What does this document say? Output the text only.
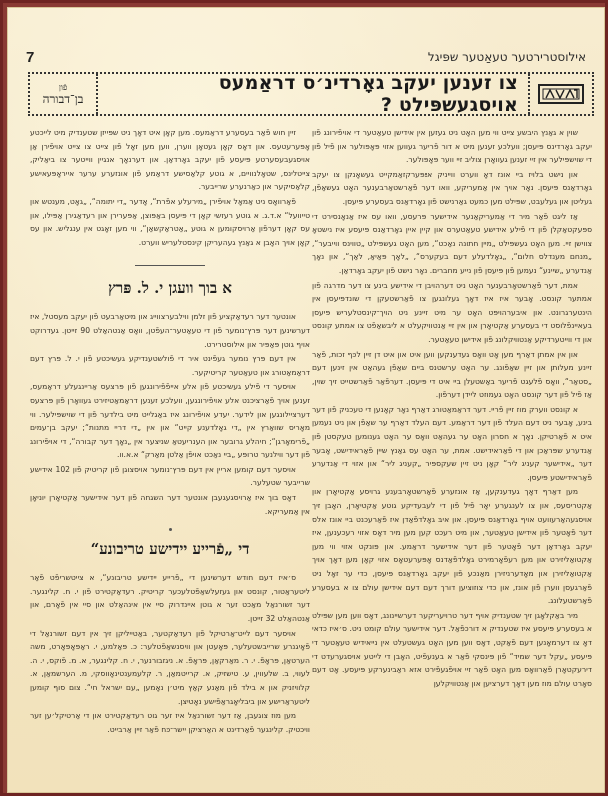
7	אילוסטרירטער טעאַטער שפּיגל
צו זענען יעקב גאָרדינ׳ס דראַמעס אויסגעשפּילט ?
פֿון
בן־דבורה

שוין א גאַנץ היבשע צייט ווי מען האָט ניט געזען אין אידישן טעאַטער די אויפֿירונג פֿון יעקב גאָרדינס פּיעסן; וועלכע זענען מיט א דור פֿריער געווען אזוי פּאָפּולער און פֿיל פֿון די שוישפּילער אין זיי זענען געוואָרן צוליב זיי ווער פּאָפּולער.

און נישט בלויז ביי אונז דאָ ווערט ווייניק אײַפּערקזאַמקייט געשאָנקן צו יעקב גאָרדאַנס פּיעסן. נאָר אויך אין אַמעריקע, וואו דער פֿאַרשטאַרבענער האָט געשאַפֿן, געליטן און געלעבט, שפּילט מען כמעט גאַרנישט פֿון גאָרדאַנס בעסערע פּיעסן.

אַז ליגט פֿאַר מיר די אַמעריקאַנער אידישער פּרעסע, וואו עס איז אַנאָנסירט די ספּעקטאַקלן פֿון די פֿילע אידישע טעאַטערס און קיין איין גאָרדאַנס פּיעסע איז נישטאָ צווישן זיי. מען האָט געשפּילט „מיין חתונה נאַכט“, מען האָט געשפּילט „טווינס ווייבער“, „מנחם מענדלס חלום“, „גאָלדעלע דעם בעקערס“, „לאָך פּאַיאַ, לאַך“, און נאָך אַנדערע „שיינע“ נעמען פֿון פּיעסן פֿון נייע מחברים. נאָר נישט פֿון יעקב גאָרדאַן.

אמת, דער פֿאַרשטאָרבענער האָט ניט דערהויבן די אידישע בינע צו דער מדרגה פֿון אמתער קונסט. אָבער איז איז דאָך געלונגען צו פֿאַרשטעקן די שונדפּיעסן אין הינטערגרונט. און איבערהויפּט האָט ער מיט זיינע ניט הויך־קינסטלעריש פּיעסן בעאיינפֿלוסט די בעסערע אַקטיאָרן און אין זיי אַנטוויקעלט א ליבשאַפֿט צו אמתע קונסט און די ווייטערדיקע אַנטוויקלונג פֿון אידישן טעאַטער.

און אין אמתן דאַרף מען אָט וואָס געדענקען ווען איט און איט דן זיין לכּף זכות, פֿאַר זיינע מעלותן און זיין שאַפֿונג. ער האָט ערשטנס ביים שאַפֿן געהאַט אין זינען דעם „סטאַר“, וואָס פֿלעגט פֿריער באַשטעלן ביי איט די פּיעסן. דערפֿאַר פֿאַרשטייט זיך שוין, אַז פֿיל פֿון דער קונסט האָט געמוזט ליידן דערפֿון.

א קונסט ווערק מוז זיין פֿריי. דער דראַמאַטורג דאַרף נאָר קאָנען די טעכניק פֿון דער בינע, אָבער ניט דעם העלד פֿון דער דראַמע. דעם העלד דאַרף ער שאַפֿן און ניט נעמען איט א פֿאַרטיקן. נאָך א חסרון האָט ער געהאַט וואָס ער האָט גענומען טעקסטן פֿון אַנדערע שפּראַכן און די פֿאַראידישט. אמת, ער האָט עס גאַנץ שיין פֿאַראידישט, אָבער דער „אידישער קעניג ליר“ קאָן ניט זיין שעקספּיר „קעניג ליר“ און אזוי די אַנדערע פֿאַראידישטע פּיעסן.

מען דאַרף דאָך געדענקען, אַז אונזערע פֿאַרשטאָרבענע גרויסע אַקטיאָרן און אַקטריסעס, און צו לענגערע יאָר פֿיל פֿון די לעבעדיקע גוטע אַקטיאָרן, האָבן זיך אויסגעהאַרעוועט אויף גאָרדאַנס פּיעסן. און איבּ גאָלדפֿאַדן איז פֿאַרעכנט ביי אונז אלס דער פֿאָטער פֿון אידישן טעאַטער, און מיט רעכט קען מען מיר דאָס אזוי רעכענען, איז יעקב גאָרדאַן דער פֿאָטער פֿון דער אידישער דראַמע. און פּונקט אזוי ווי מען אַקטואַליזירט און מען רעפֿאָרמירט גאָלדפֿאַדנס אָפּערעטאָס אזוי קאָן מען דאָך אויך אַקטואַליזירן און מאָדערניזירן מאַנכע פֿון יעקב גאָרדאַנס פּיעסן, כדי ער זאָל ניט פֿאַרגעסן ווערן פֿון אונז, און כדי צוזוציען דורך דעם דעם אידישן עולם צו א בעסערע פֿאַרשטעלונג.

מיר באַקלאָגן זיך שטענדיק אויף דער טרויעריקער דערשיינונג, דאָס ווען מען שפּילט א בעסערע פּיעסע איז שטענדיק א דורכפֿאַל. דער אידישער עולם קומט ניט. ס׳איז כדאי דאָ צו דערמאָנען דעם פֿאַקט, דאָס ווען מען האָט געשטעלט אין נייאידיש טעאַטער די פּיעסע „עקל דער שמיד“ פֿון פּינסקי פֿאַר א בענעפֿיט, האָבן די לייטע אויסגערעדט די דירעקטאָרן פֿאַרוואָס מען האָט פֿאַר זיי אויפֿגעפֿירט אזא ראַבינערקע פּיעסע. אָט דעם סאָרט עולם מוז מען דאָך דערציען און אַנטוויקלען

זיין חוש פֿאַר בעסערע דראַמעס. מען קאָן איט דאָך ניט שפּייזן שטענדיק מיט לייכטע אָפּערעטעס. און דאָס קאָן געטאָן ווערן, ווען מען זאָל פֿון צייט צו צייט אויפֿירן אַן אויסגעבעסערטע פּיעסע פֿון יעקב גאָרדאַן. און דערנאָך אנגיין ווייטער צו ביאַליק, צייטלינס, שטאָלנוויים, א גוטע קלאַסישע דראַמע פֿון אונזערע ערער אייראָפּעאישע קלאַסיקער און כאַרנערע שרייבער.

פֿאַרוואָס ניט אַמאָל אויפֿירן „מירעלע אפֿרת“, אָדער „די יתומה“, „גאָט, מענטש און טייוועל“ א.ד.ג. א גוטע רעזשי קאָן די פּיעסן באַפּוצן, אַפּערירן און רעדאַגירן אַפּילו, און עס קאָן דערפֿון אַרויסקומען א גוטע „אַטראַקשאַן“, ווי מען זאָגט אין ענגליש. און עס קאָן אויך האָבן א גאַנץ געהעריקן קינסטלעריש ווערט.

א בוך וועגן י. ל. פּרץ

אונטער דער רעדאַקציע פֿון זלמן ווילבערצווייג און מיטאַרבעט פֿון יעקב מעסטל, איז דערשינען דער פּרץ־נומער פֿון די טעאַטער־העפֿטן, וואָס אַנטהאַלט 90 זייטן. געדרוקט אויף גוטן פּאַפּיר און אילוסטרירט.

אין דעם פּרץ נומער געפֿינט איר די פֿולשטענדיקע געשיכטע פֿון י. ל. פּרץ דעם דראַמאַטורג און טעאַטער קריטיקער.

אויסער די פֿילע געשיכטע פֿון אלע אייפֿפֿירונגען פֿון פּרצעס אַריינגעלע דראַמעס, זענען אויך פֿאַרציכנט אלע אויפֿירונגען, וועלכע זענען דראַמאַטיזירט געוואָרן פֿון פּרצעס דערציילונגען און לידער. יעדע אויפֿירונג איז באַגלייט מיט בילדער פֿון די שוישפּילער. ווי מאָריס שוואַרץ אין „די גאָלדענע קייט“ און אין „די דריי מתנות“; יעקב בן־עמים „פֿרימאָרגן“; חיהלע גרובער און הענריעטאַ שניצער אין „נאָך דער קבורה“, די אויפֿירונג פֿון דער ווילנער טרופּע „ביי נאַכט אויפֿן אַלטן מאַרק“ א.א.וו.

אויסער דעם קומען אריין אין דעם פּרץ־נומער אויסצוגן פֿון קריטיק פֿון 102 אידישע שרייבער שטעלער.

דאָס בוך איז אַרויסגעגעבן אונטער דער השגחה פֿון דער אידישער אַקטיאָרן יוניאָן אין אַמעריקא.

די „פֿרייע יידישע טריבונע“

ס׳איז דעם חודש דערשינען די „פֿרייע יידישע טריבונע“, א צייטשריפֿט פֿאַר ליטעראַטור, קונסט און געזעלשאַפֿטלעכער קריטיק. רעדאַקטירט פֿון י. ח. קלינגער. דער זשורנאַל מאַכט זער א גוטן איינדרוק סיי אין אינהאַלט און סיי אין פֿאָרם, און אַנטהאַלט 32 זייטן.

אויסער דעם לייט־אַרטיקל פֿון רעדאַקטער, באַטייליקן זיך אין דעם זשורנאַל די פֿאָיגנרע שרייבשטעלער, פּאָעטן און וויסנשאַפֿטלער: כ. פּאַלמע, י. ראַפּאָפּאָרט, משה הערטאַן, פּראָפֿ. י. ר. מאַרקאַן, פּראָפֿ. א. ניגזבורנער, י. ח. קלינגער, א. מ. פֿוקס, י. ה. לעווי, ב. שלעווין, ע. טישזיק, א. קרייטמאַן, ר. קלעמענטינאָווסקי, מ. הערשמאַן, א. קלוויזניק און א בילד פֿון מאַנע קאַץ מיט׳ן נאָמען „עם ישראל חי“. צום סוף קומען ליטעראַרישע און ביבליאָגראַפֿישע נאָטיצן.

מען מוז צוגעבן, אַז דער זשורנאַל איז זער גוט רעדאַקטירט און די אַרטיקל׳ען זער וויכטיק. קלינגער פֿאַרדינט א האַרציקן יישר־כּח פֿאַר זיין אַרבייט.
